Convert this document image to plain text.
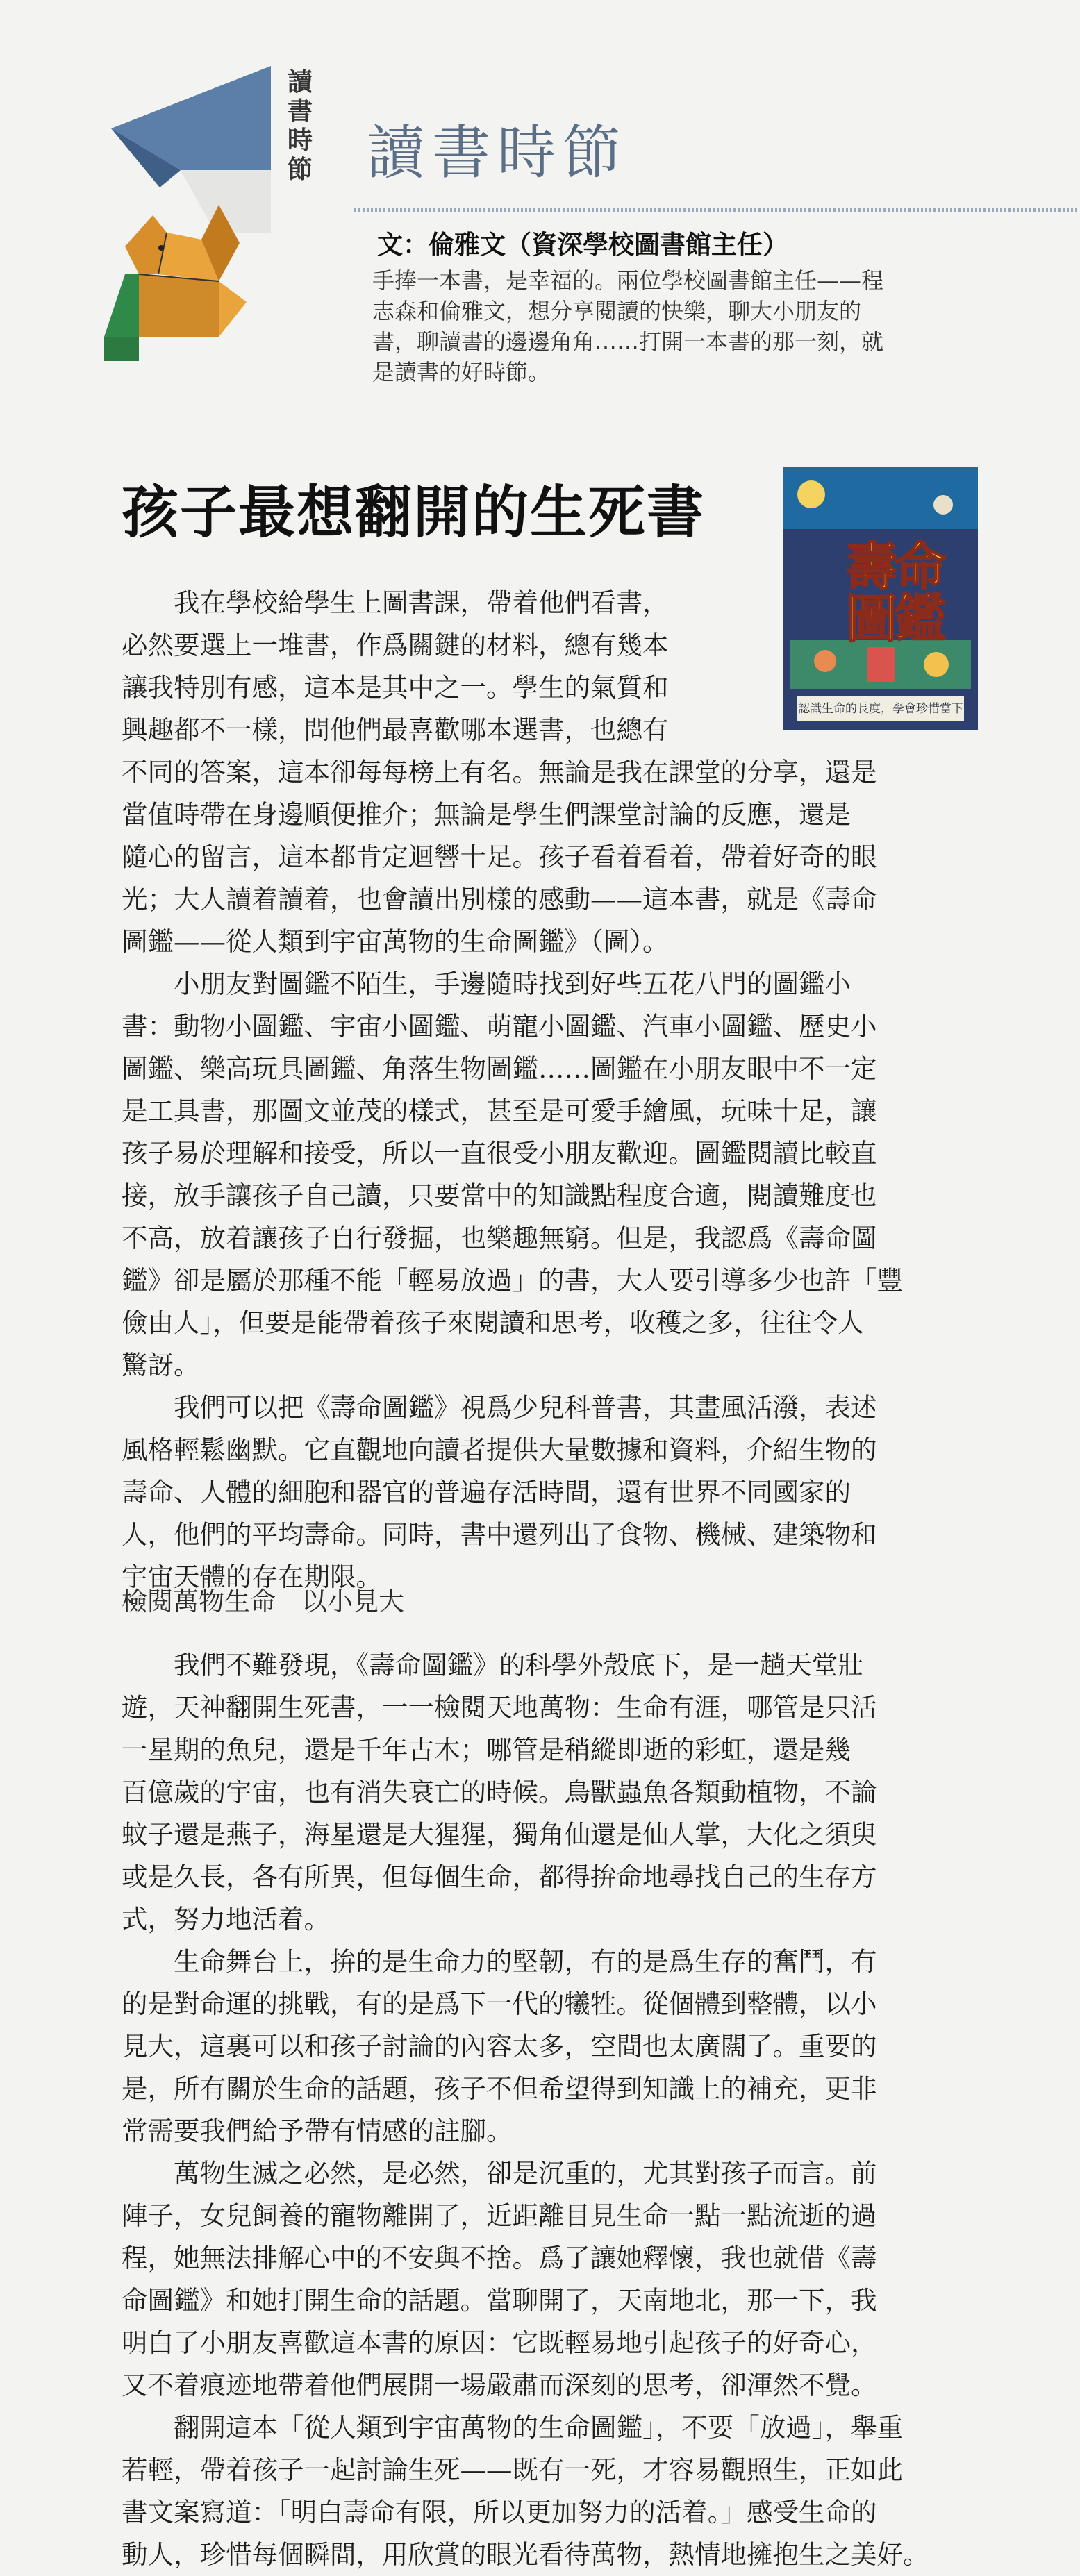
讀
書
時
節 讀書時節
文：倫雅文（資深學校圖書館主任）

手捧一本書，是幸福的。兩位學校圖書館主任——程

志森和倫雅文，想分享閱讀的快樂，聊大小朋友的

書，聊讀書的邊邊角角……打開一本書的那一刻，就

是讀書的好時節。

孩子最想翻開的生死書
壽
命
圖
鑑
認識生命的長度，學會珍惜當下

　　我在學校給學生上圖書課，帶着他們看書，

必然要選上一堆書，作爲關鍵的材料，總有幾本

讓我特別有感，這本是其中之一。學生的氣質和

興趣都不一樣，問他們最喜歡哪本選書，也總有

不同的答案，這本卻每每榜上有名。無論是我在課堂的分享，還是

當值時帶在身邊順便推介；無論是學生們課堂討論的反應，還是

隨心的留言，這本都肯定迴響十足。孩子看着看着，帶着好奇的眼

光；大人讀着讀着，也會讀出別樣的感動——這本書，就是《壽命

圖鑑——從人類到宇宙萬物的生命圖鑑》（圖）。

　　小朋友對圖鑑不陌生，手邊隨時找到好些五花八門的圖鑑小

書：動物小圖鑑、宇宙小圖鑑、萌寵小圖鑑、汽車小圖鑑、歷史小

圖鑑、樂高玩具圖鑑、角落生物圖鑑……圖鑑在小朋友眼中不一定

是工具書，那圖文並茂的樣式，甚至是可愛手繪風，玩味十足，讓

孩子易於理解和接受，所以一直很受小朋友歡迎。圖鑑閱讀比較直

接，放手讓孩子自己讀，只要當中的知識點程度合適，閱讀難度也

不高，放着讓孩子自行發掘，也樂趣無窮。但是，我認爲《壽命圖

鑑》卻是屬於那種不能「輕易放過」的書，大人要引導多少也許「豐

儉由人」，但要是能帶着孩子來閱讀和思考，收穫之多，往往令人

驚訝。

　　我們可以把《壽命圖鑑》視爲少兒科普書，其畫風活潑，表述

風格輕鬆幽默。它直觀地向讀者提供大量數據和資料，介紹生物的

壽命、人體的細胞和器官的普遍存活時間，還有世界不同國家的

人，他們的平均壽命。同時，書中還列出了食物、機械、建築物和

宇宙天體的存在期限。

檢閱萬物生命　以小見大

　　我們不難發現，《壽命圖鑑》的科學外殼底下，是一趟天堂壯

遊，天神翻開生死書，一一檢閱天地萬物：生命有涯，哪管是只活

一星期的魚兒，還是千年古木；哪管是稍縱即逝的彩虹，還是幾

百億歲的宇宙，也有消失衰亡的時候。鳥獸蟲魚各類動植物，不論

蚊子還是燕子，海星還是大猩猩，獨角仙還是仙人掌，大化之須臾

或是久長，各有所異，但每個生命，都得拚命地尋找自己的生存方

式，努力地活着。

　　生命舞台上，拚的是生命力的堅韌，有的是爲生存的奮鬥，有

的是對命運的挑戰，有的是爲下一代的犧牲。從個體到整體，以小

見大，這裏可以和孩子討論的內容太多，空間也太廣闊了。重要的

是，所有關於生命的話題，孩子不但希望得到知識上的補充，更非

常需要我們給予帶有情感的註腳。

　　萬物生滅之必然，是必然，卻是沉重的，尤其對孩子而言。前

陣子，女兒飼養的寵物離開了，近距離目見生命一點一點流逝的過

程，她無法排解心中的不安與不捨。爲了讓她釋懷，我也就借《壽

命圖鑑》和她打開生命的話題。當聊開了，天南地北，那一下，我

明白了小朋友喜歡這本書的原因：它既輕易地引起孩子的好奇心，

又不着痕迹地帶着他們展開一場嚴肅而深刻的思考，卻渾然不覺。

　　翻開這本「從人類到宇宙萬物的生命圖鑑」，不要「放過」，舉重

若輕，帶着孩子一起討論生死——既有一死，才容易觀照生，正如此

書文案寫道：「明白壽命有限，所以更加努力的活着。」感受生命的

動人，珍惜每個瞬間，用欣賞的眼光看待萬物，熱情地擁抱生之美好。
